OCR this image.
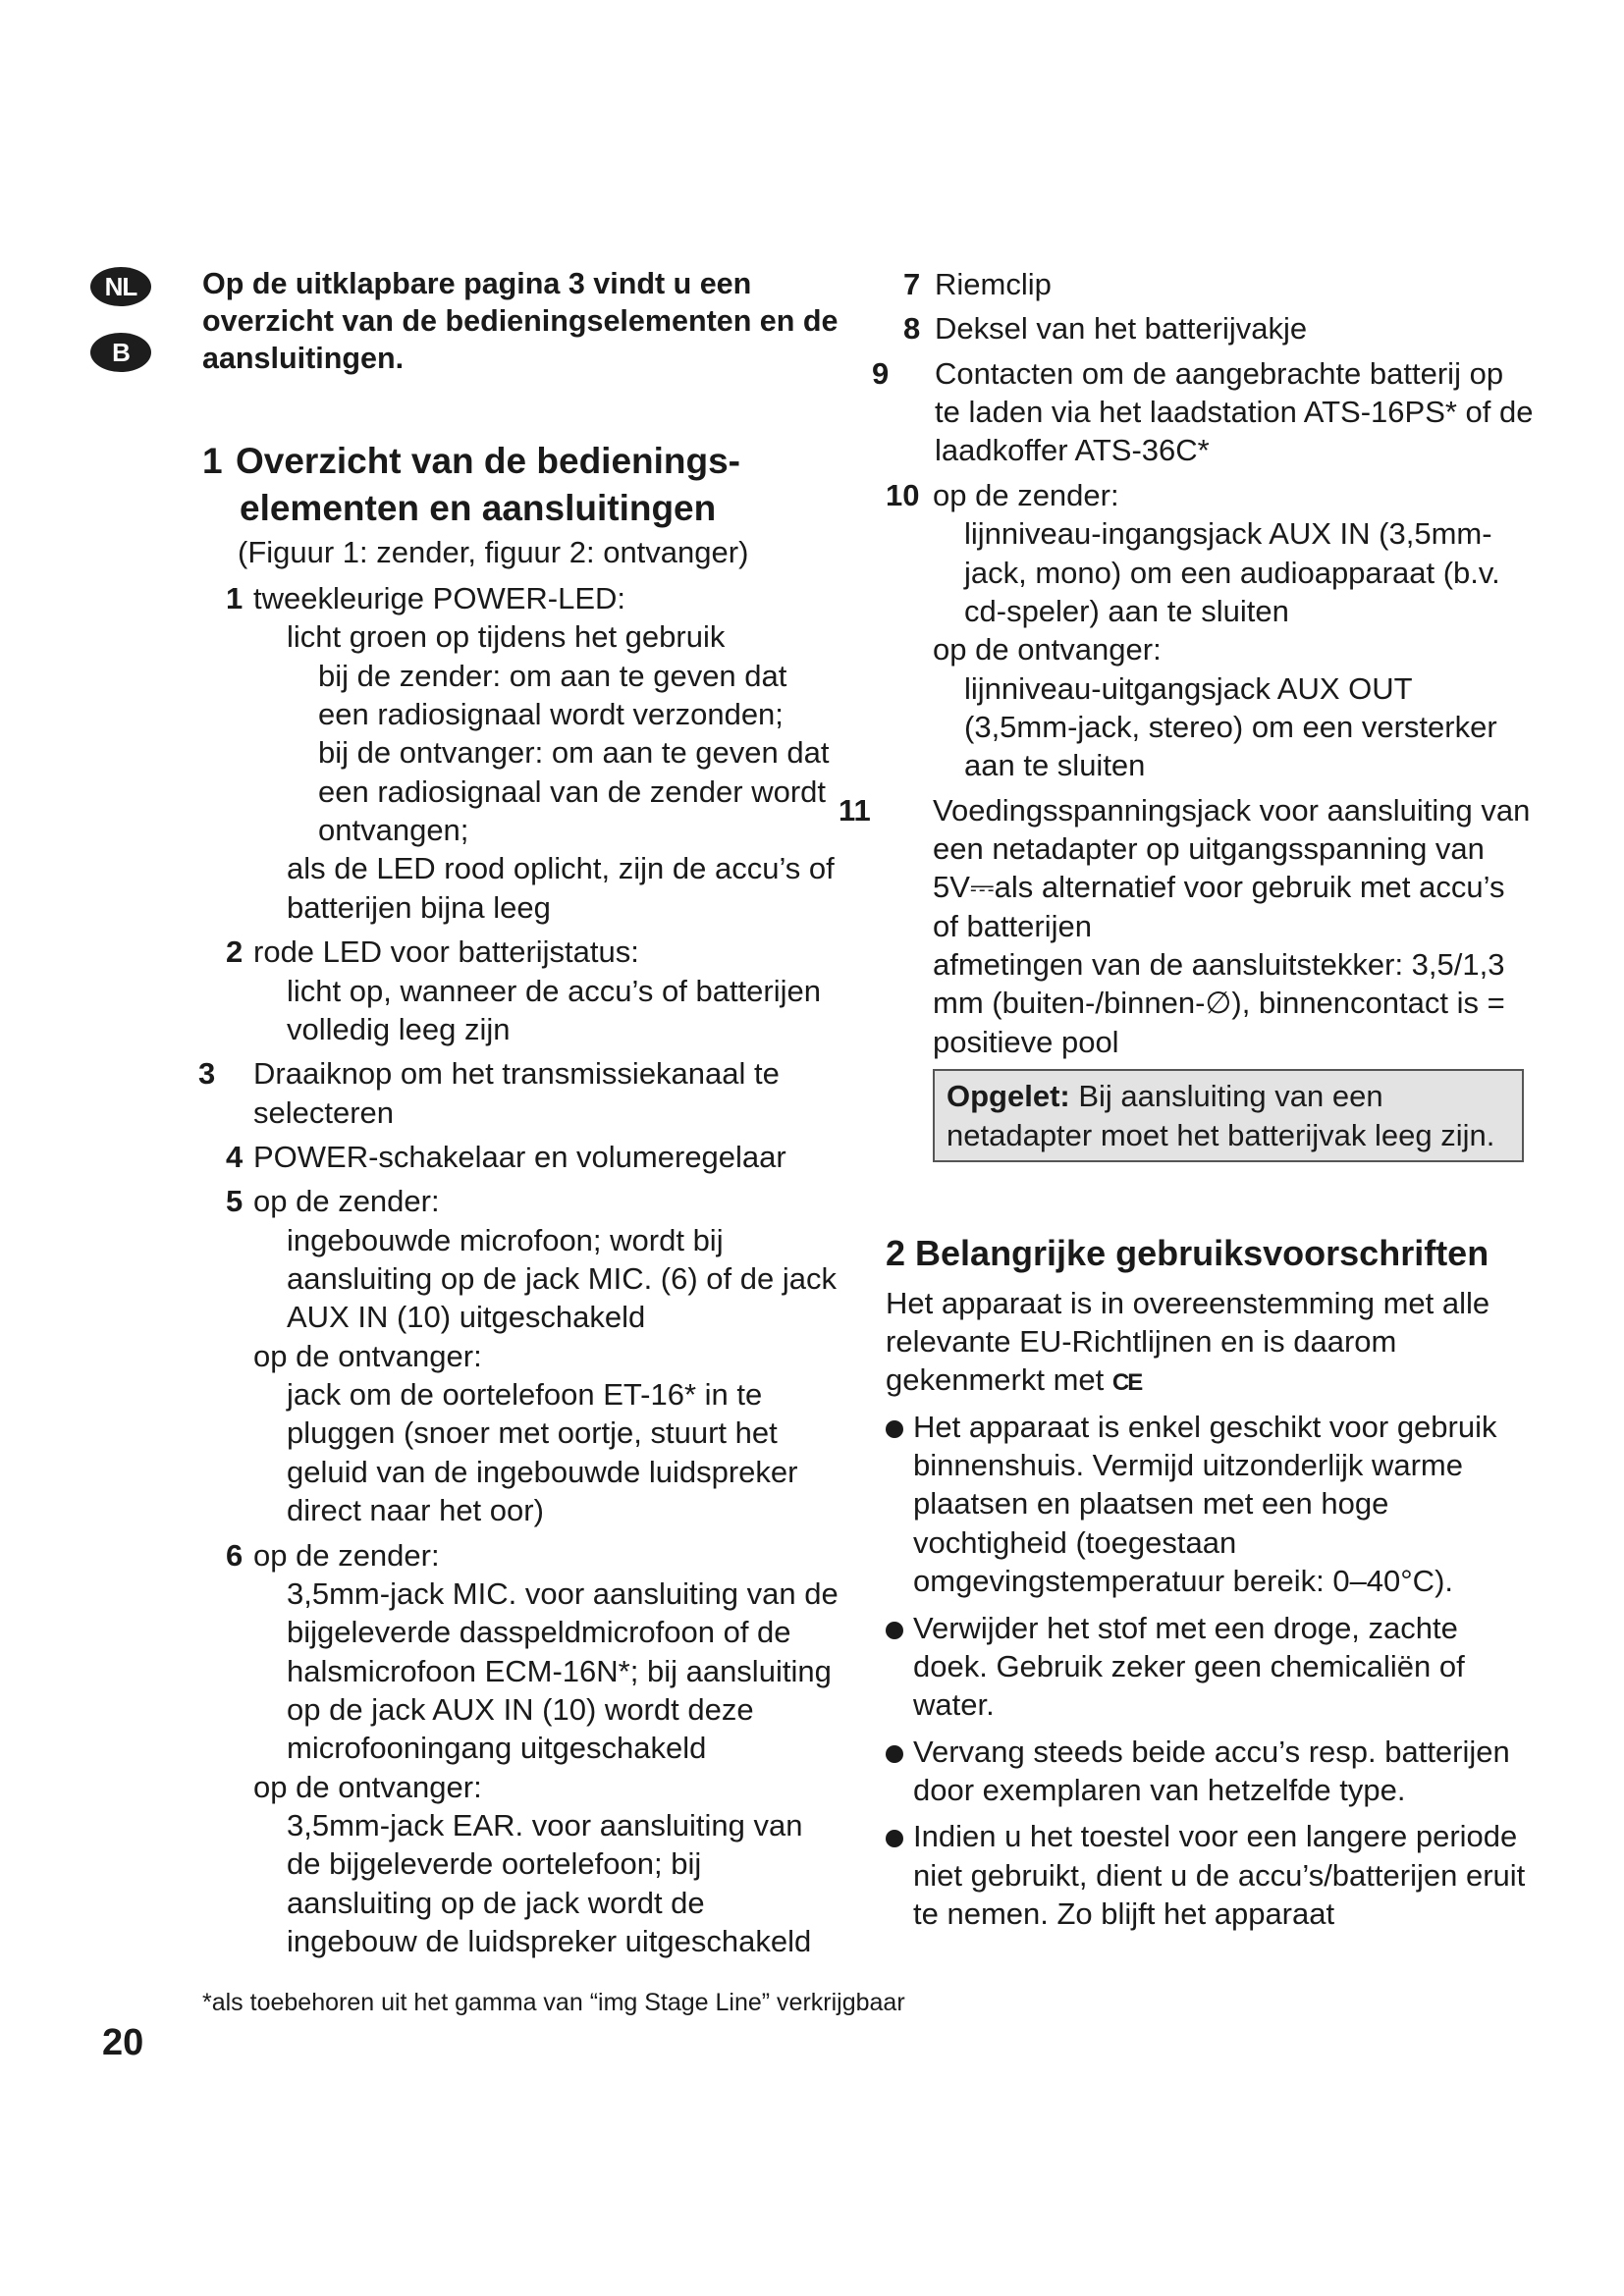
NL
B

Op de uitklapbare pagina 3 vindt u een overzicht van de bedieningselementen en de aansluitingen.

1 Overzicht van de bedienings-
elementen en aansluitingen

(Figuur 1: zender, figuur 2: ontvanger)

1 tweekleurige POWER-LED:
licht groen op tijdens het gebruik
bij de zender: om aan te geven dat een radiosignaal wordt verzonden;
bij de ontvanger: om aan te geven dat een radiosignaal van de zender wordt ontvangen;
als de LED rood oplicht, zijn de accu’s of batterijen bijna leeg
2 rode LED voor batterijstatus:
licht op, wanneer de accu’s of batterijen volledig leeg zijn
3 Draaiknop om het transmissiekanaal te selecteren
4 POWER-schakelaar en volumeregelaar
5 op de zender:
ingebouwde microfoon; wordt bij aansluiting op de jack MIC. (6) of de jack AUX IN (10) uitgeschakeld
op de ontvanger:
jack om de oortelefoon ET-16* in te pluggen (snoer met oortje, stuurt het geluid van de ingebouwde luidspreker direct naar het oor)
6 op de zender:
3,5mm-jack MIC. voor aansluiting van de bijgeleverde dasspeldmicrofoon of de halsmicrofoon ECM-16N*; bij aansluiting op de jack AUX IN (10) wordt deze microfooningang uitgeschakeld
op de ontvanger:
3,5mm-jack EAR. voor aansluiting van de bijgeleverde oortelefoon; bij aansluiting op de jack wordt de ingebouw de luidspreker uitgeschakeld
7 Riemclip
8 Deksel van het batterijvakje
9 Contacten om de aangebrachte batterij op te laden via het laadstation ATS-16PS* of de laadkoffer ATS-36C*
10 op de zender:
lijnniveau-ingangsjack AUX IN (3,5mm-jack, mono) om een audioapparaat (b.v. cd-speler) aan te sluiten
op de ontvanger:
lijnniveau-uitgangsjack AUX OUT (3,5mm-jack, stereo) om een versterker aan te sluiten
11 Voedingsspanningsjack voor aansluiting van een netadapter op uitgangsspanning van 5V⎓als alternatief voor gebruik met accu’s of batterijen
afmetingen van de aansluitstekker: 3,5/1,3 mm (buiten-/binnen-∅), binnencontact is = positieve pool
Opgelet: Bij aansluiting van een netadapter moet het batterijvak leeg zijn.
2 Belangrijke gebruiksvoorschriften

Het apparaat is in overeenstemming met alle relevante EU-Richtlijnen en is daarom gekenmerkt met CE

Het apparaat is enkel geschikt voor gebruik binnenshuis. Vermijd uitzonderlijk warme plaatsen en plaatsen met een hoge vochtigheid (toegestaan omgevingstemperatuur bereik: 0–40°C).
Verwijder het stof met een droge, zachte doek. Gebruik zeker geen chemicaliën of water.
Vervang steeds beide accu’s resp. batterijen door exemplaren van hetzelfde type.
Indien u het toestel voor een langere periode niet gebruikt, dient u de accu’s/batterijen eruit te nemen. Zo blijft het apparaat
*als toebehoren uit het gamma van “img Stage Line” verkrijgbaar
20
